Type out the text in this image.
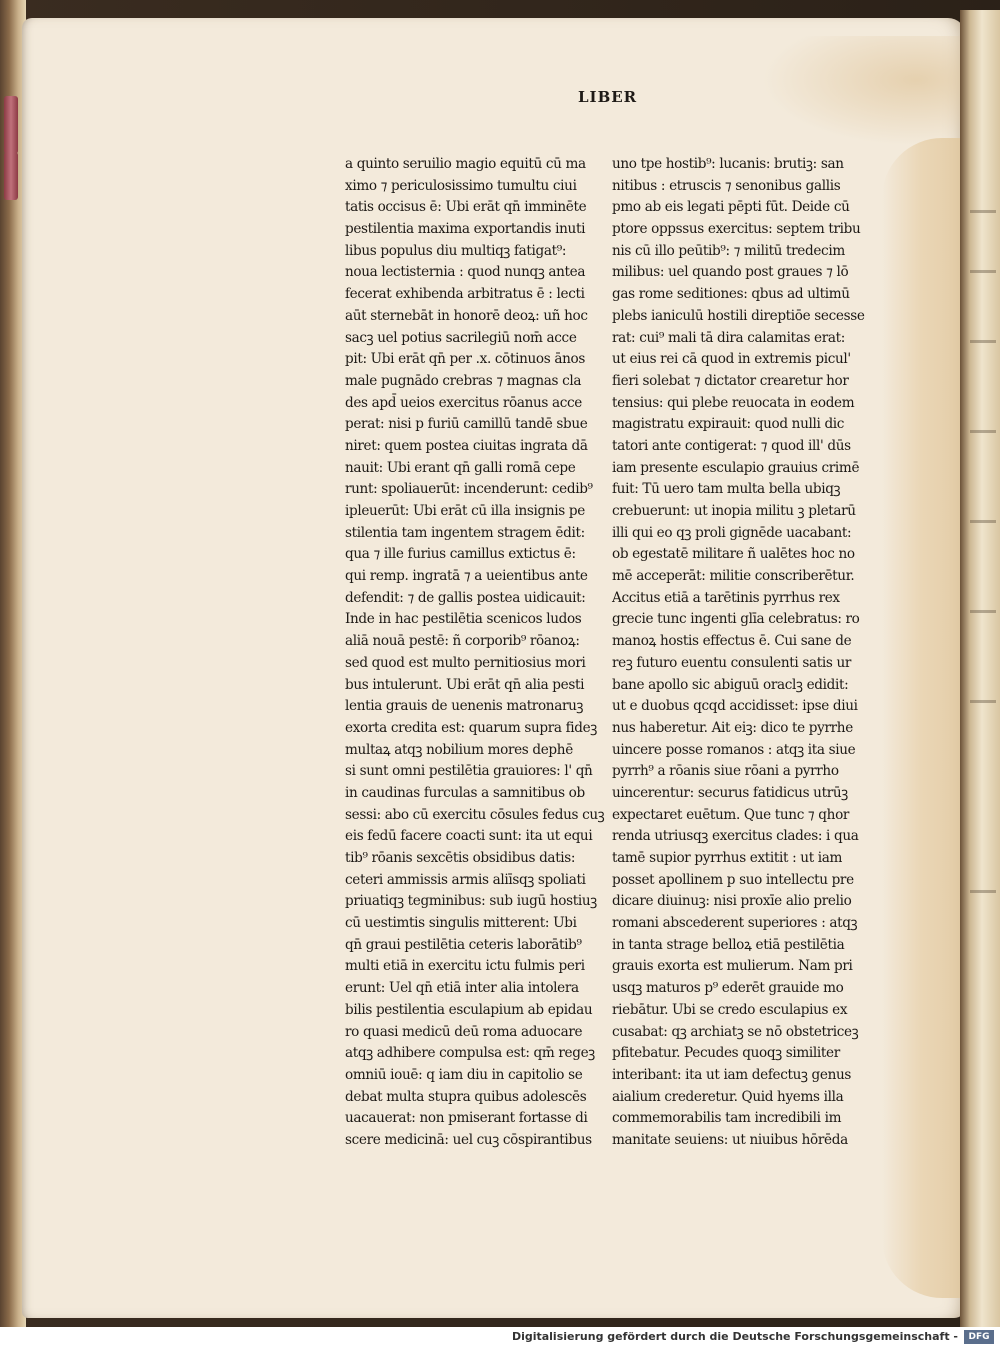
LIBER
a quinto seruilio magio equitū cū ma
ximo ⁊ periculosissimo tumultu ciui
tatis occisus ē: Ubi erāt qn̄ imminēte
pestilentia maxima exportandis inuti
libus populus diu multiqꝫ fatigat⁹:
noua lectisternia : quod nunqꝫ antea
fecerat exhibenda arbitratus ē : lecti
aūt sternebāt in honorē deoꝝ: uñ hoc
sacꝫ uel potius sacrilegiū nom̄ acce
pit: Ubi erāt qn̄ per .x. cōtinuos ānos
male pugnādo crebras ⁊ magnas cla
des apd̄ ueios exercitus rōanus acce
perat: nisi p furiū camillū tandē sbue
niret: quem postea ciuitas ingrata dā
nauit: Ubi erant qn̄ galli romā cepe
runt: spoliauerūt: incenderunt: cedib⁹
ipleuerūt: Ubi erāt cū illa insignis pe
stilentia tam ingentem stragem ēdit:
qua ⁊ ille furius camillus extictus ē:
qui remp. ingratā ⁊ a ueientibus ante
defendit: ⁊ de gallis postea uidicauit:
Inde in hac pestilētia scenicos ludos
aliā nouā pestē: ñ corporib⁹ rōanoꝝ:
sed quod est multo pernitiosius mori
bus intulerunt. Ubi erāt qn̄ alia pesti
lentia grauis de uenenis matronaruꝫ
exorta credita est: quarum supra fideꝫ
multaꝝ atqꝫ nobilium mores dephē
si sunt omni pestilētia grauiores: l' qn̄
in caudinas furculas a samnitibus ob
sessi: abo cū exercitu cōsules fedus cuꝫ
eis fedū facere coacti sunt: ita ut equi
tib⁹ rōanis sexcētis obsidibus datis:
ceteri ammissis armis aliīsqꝫ spoliati
priuatiqꝫ tegminibus: sub iugū hostiuꝫ
cū uestimtis singulis mitterent: Ubi
qn̄ graui pestilētia ceteris laborātib⁹
multi etiā in exercitu ictu fulmis peri
erunt: Uel qn̄ etiā inter alia intolera
bilis pestilentia esculapium ab epidau
ro quasi medicū deū roma aduocare
atqꝫ adhibere compulsa est: qm̄ regeꝫ
omniū iouē: q iam diu in capitolio se
debat multa stupra quibus adolescēs
uacauerat: non pmiserant fortasse di
scere medicinā: uel cuꝫ cōspirantibus
uno tpe hostib⁹: lucanis: brutiꝫ: san
nitibus : etruscis ⁊ senonibus gallis
pmo ab eis legati pēpti fūt. Deide cū
ptore oppssus exercitus: septem tribu
nis cū illo peūtib⁹: ⁊ militū tredecim
milibus: uel quando post graues ⁊ lō
gas rome seditiones: qbus ad ultimū
plebs ianiculū hostili direptiōe secesse
rat: cui⁹ mali tā dira calamitas erat:
ut eius rei cā quod in extremis picul'
fieri solebat ⁊ dictator crearetur hor
tensius: qui plebe reuocata in eodem
magistratu expirauit: quod nulli dic
tatori ante contigerat: ⁊ quod ill' dūs
iam presente esculapio grauius crimē
fuit: Tū uero tam multa bella ubiqꝫ
crebuerunt: ut inopia militu ꝫ pletarū
illi qui eo qꝫ proli gignēde uacabant:
ob egestatē militare ñ ualētes hoc no
mē acceperāt: militie conscriberētur.
Accitus etiā a tarētinis pyrrhus rex
grecie tunc ingenti glīa celebratus: ro
manoꝝ hostis effectus ē. Cui sane de
reꝫ futuro euentu consulenti satis ur
bane apollo sic abiguū oraclꝫ edidit:
ut e duobus qcqd accidisset: ipse diui
nus haberetur. Ait eiꝫ: dico te pyrrhe
uincere posse romanos : atqꝫ ita siue
pyrrh⁹ a rōanis siue rōani a pyrrho
uincerentur: securus fatidicus utrūꝫ
expectaret euētum. Que tunc ⁊ qhor
renda utriusqꝫ exercitus clades: i qua
tamē supior pyrrhus extitit : ut iam
posset apollinem p suo intellectu pre
dicare diuinuꝫ: nisi proxīe alio prelio
romani abscederent superiores : atqꝫ
in tanta strage belloꝝ etiā pestilētia
grauis exorta est mulierum. Nam pri
usqꝫ maturos p⁹ ederēt grauide mo
riebātur. Ubi se credo esculapius ex
cusabat: qꝫ archiatꝫ se nō obstetriceꝫ
pfitebatur. Pecudes quoqꝫ similiter
interibant: ita ut iam defectuꝫ genus
aialium crederetur. Quid hyems illa
commemorabilis tam incredibili im
manitate seuiens: ut niuibus hōrēda
Digitalisierung gefördert durch die Deutsche Forschungsgemeinschaft -	DFG
